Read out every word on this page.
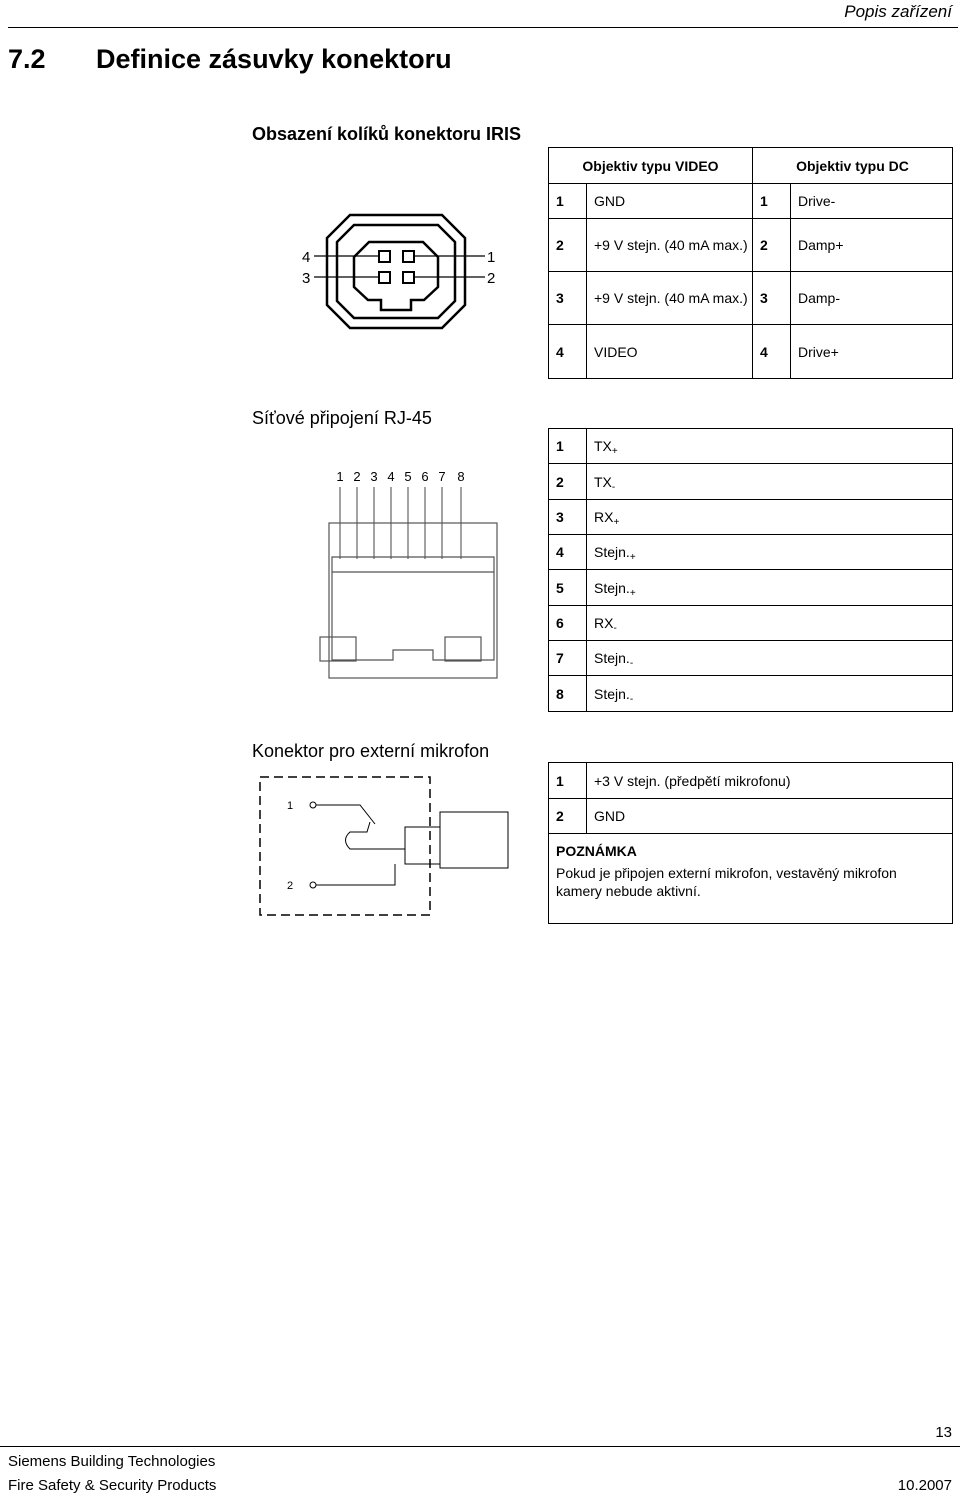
Popis zařízení
7.2 Definice zásuvky konektoru
Obsazení kolíků konektoru IRIS
4
3
1
2
Objektiv typu VIDEO		Objektiv typu DC	
1	GND	1	Drive-
2	+9 V stejn. (40 mA max.)	2	Damp+
3	+9 V stejn. (40 mA max.)	3	Damp-
4	VIDEO	4	Drive+
Síťové připojení RJ-45
1 2 3 4 5 6 7 8
1	$TX_+$
2	$TX_-$
3	$RX_+$
4	$Stejn._+$
5	$Stejn._+$
6	$RX_-$
7	$Stejn._-$
8	$Stejn._-$
Konektor pro externí mikrofon
1
2
1	+3 V stejn. (předpětí mikrofonu)
2	GND

POZNÁMKA
Pokud je připojen externí mikrofon, vestavěný mikrofon kamery nebude aktivní.	
13
Siemens Building Technologies
Fire Safety & Security Products	10.2007
